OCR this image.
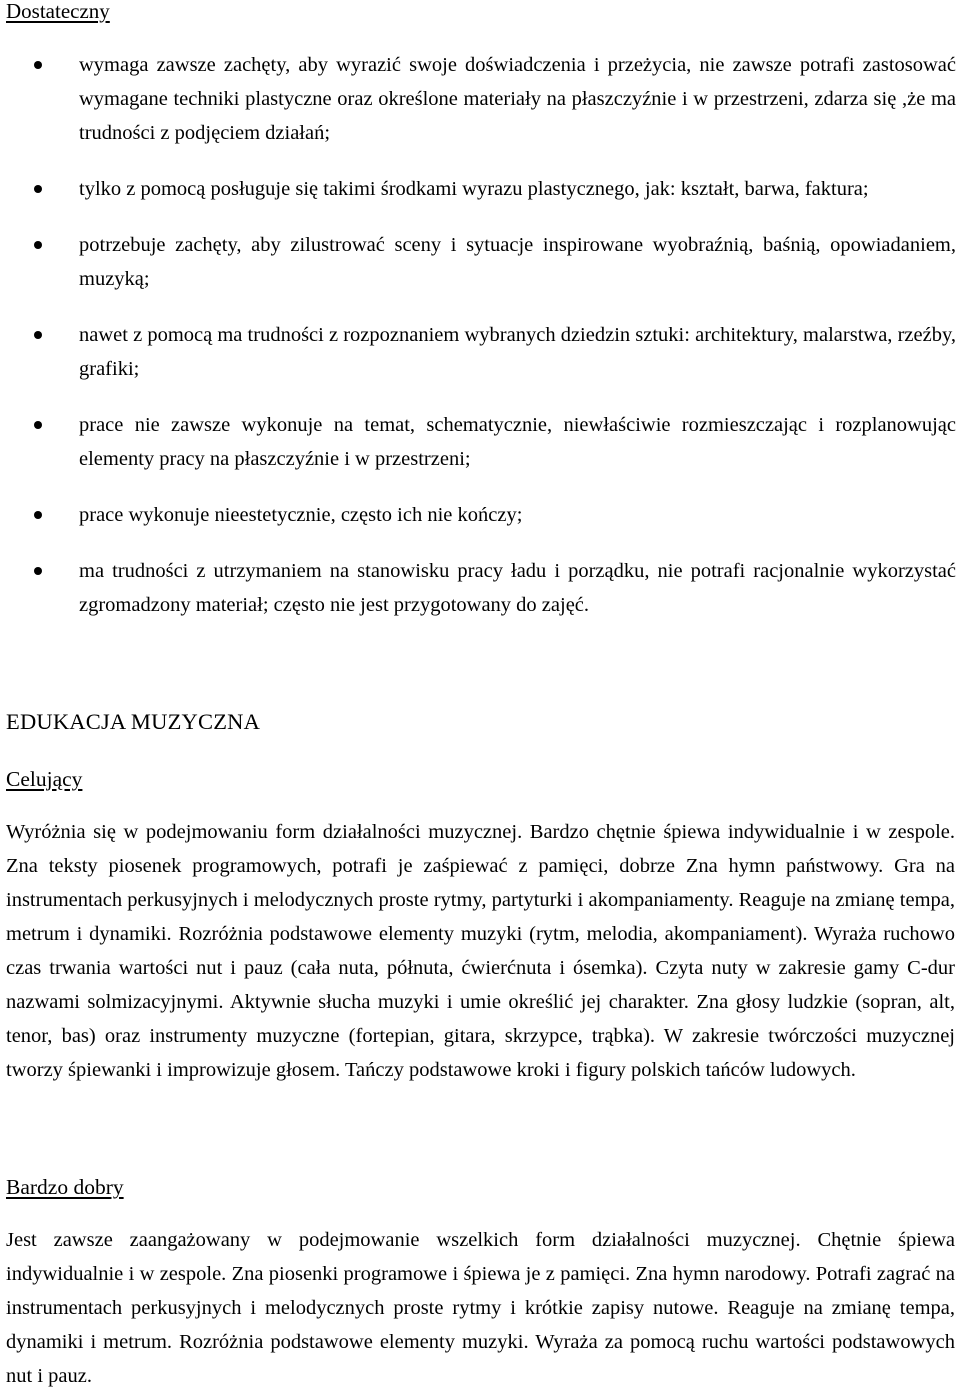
Dostateczny
wymaga zawsze zachęty, aby wyrazić swoje doświadczenia i przeżycia, nie zawsze potrafi zastosować wymagane techniki plastyczne oraz określone materiały na płaszczyźnie i w przestrzeni, zdarza się ,że ma trudności z podjęciem działań;
tylko z pomocą posługuje się takimi środkami wyrazu plastycznego, jak: kształt, barwa, faktura;
potrzebuje zachęty, aby zilustrować sceny i sytuacje inspirowane wyobraźnią, baśnią, opowiadaniem, muzyką;
nawet z pomocą ma trudności z rozpoznaniem wybranych dziedzin sztuki: architektury, malarstwa, rzeźby, grafiki;
prace nie zawsze wykonuje na temat, schematycznie, niewłaściwie rozmieszczając i rozplanowując elementy pracy na płaszczyźnie i w przestrzeni;
prace wykonuje nieestetycznie, często ich nie kończy;
ma trudności z utrzymaniem na stanowisku pracy ładu i porządku, nie potrafi racjonalnie wykorzystać zgromadzony materiał; często nie jest przygotowany do zajęć.
EDUKACJA MUZYCZNA
Celujący

Wyróżnia się w podejmowaniu form działalności muzycznej. Bardzo chętnie śpiewa indywidualnie i w zespole. Zna teksty piosenek programowych, potrafi je zaśpiewać z pamięci, dobrze Zna hymn państwowy. Gra na instrumentach perkusyjnych i melodycznych proste rytmy, partyturki i akompaniamenty. Reaguje na zmianę tempa, metrum i dynamiki. Rozróżnia podstawowe elementy muzyki (rytm, melodia, akompaniament). Wyraża ruchowo czas trwania wartości nut i pauz (cała nuta, półnuta, ćwierćnuta i ósemka). Czyta nuty w zakresie gamy C-dur nazwami solmizacyjnymi. Aktywnie słucha muzyki i umie określić jej charakter. Zna głosy ludzkie (sopran, alt, tenor, bas) oraz instrumenty muzyczne (fortepian, gitara, skrzypce, trąbka). W zakresie twórczości muzycznej tworzy śpiewanki i improwizuje głosem. Tańczy podstawowe kroki i figury polskich tańców ludowych.

Bardzo dobry

Jest zawsze zaangażowany w podejmowanie wszelkich form działalności muzycznej. Chętnie śpiewa indywidualnie i w zespole. Zna piosenki programowe i śpiewa je z pamięci. Zna hymn narodowy. Potrafi zagrać na instrumentach perkusyjnych i melodycznych proste rytmy i krótkie zapisy nutowe. Reaguje na zmianę tempa, dynamiki i metrum. Rozróżnia podstawowe elementy muzyki. Wyraża za pomocą ruchu wartości podstawowych nut i pauz.
